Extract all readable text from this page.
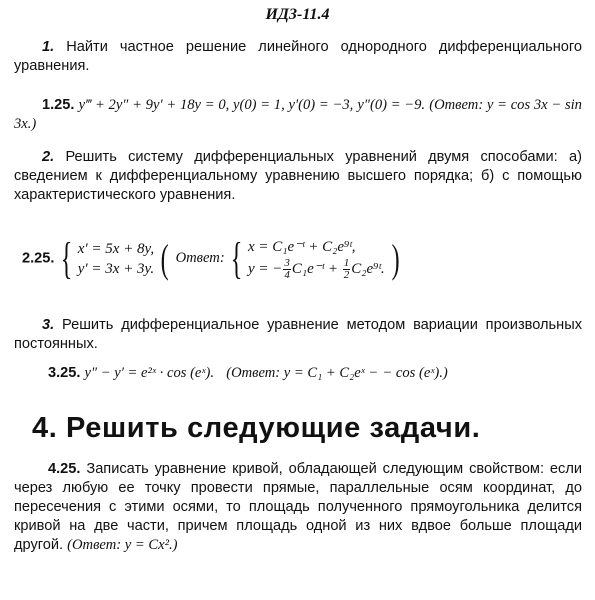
ИДЗ-11.4
1. Найти частное решение линейного однородного дифференциального уравнения.
1.25. y‴ + 2y″ + 9y′ + 18y = 0, y(0) = 1, y′(0) = −3, y″(0) = −9. (Ответ: y = cos 3x − sin 3x.)
2. Решить систему дифференциальных уравнений двумя способами: а) сведением к дифференциальному уравнению высшего порядка; б) с помощью характеристического уравнения.
2.25. { x′ = 5x + 8y,
y′ = 3x + 3y. ( Ответ: { x = C₁e⁻ᵗ + C₂e⁹ᵗ,
y = − $\frac{3}{4}$ C₁e⁻ᵗ + $\frac{1}{2}$ C₂e⁹ᵗ. )
3. Решить дифференциальное уравнение методом вариации произвольных постоянных.
3.25. y″ − y′ = e²ˣ · cos (eˣ). (Ответ: y = C₁ + C₂eˣ − − cos (eˣ).)
4. Решить следующие задачи.
4.25. Записать уравнение кривой, обладающей следующим свойством: если через любую ее точку провести прямые, параллельные осям координат, до пересечения с этими осями, то площадь полученного прямоугольника делится кривой на две части, причем площадь одной из них вдвое больше площади другой. (Ответ: y = Cx².)
